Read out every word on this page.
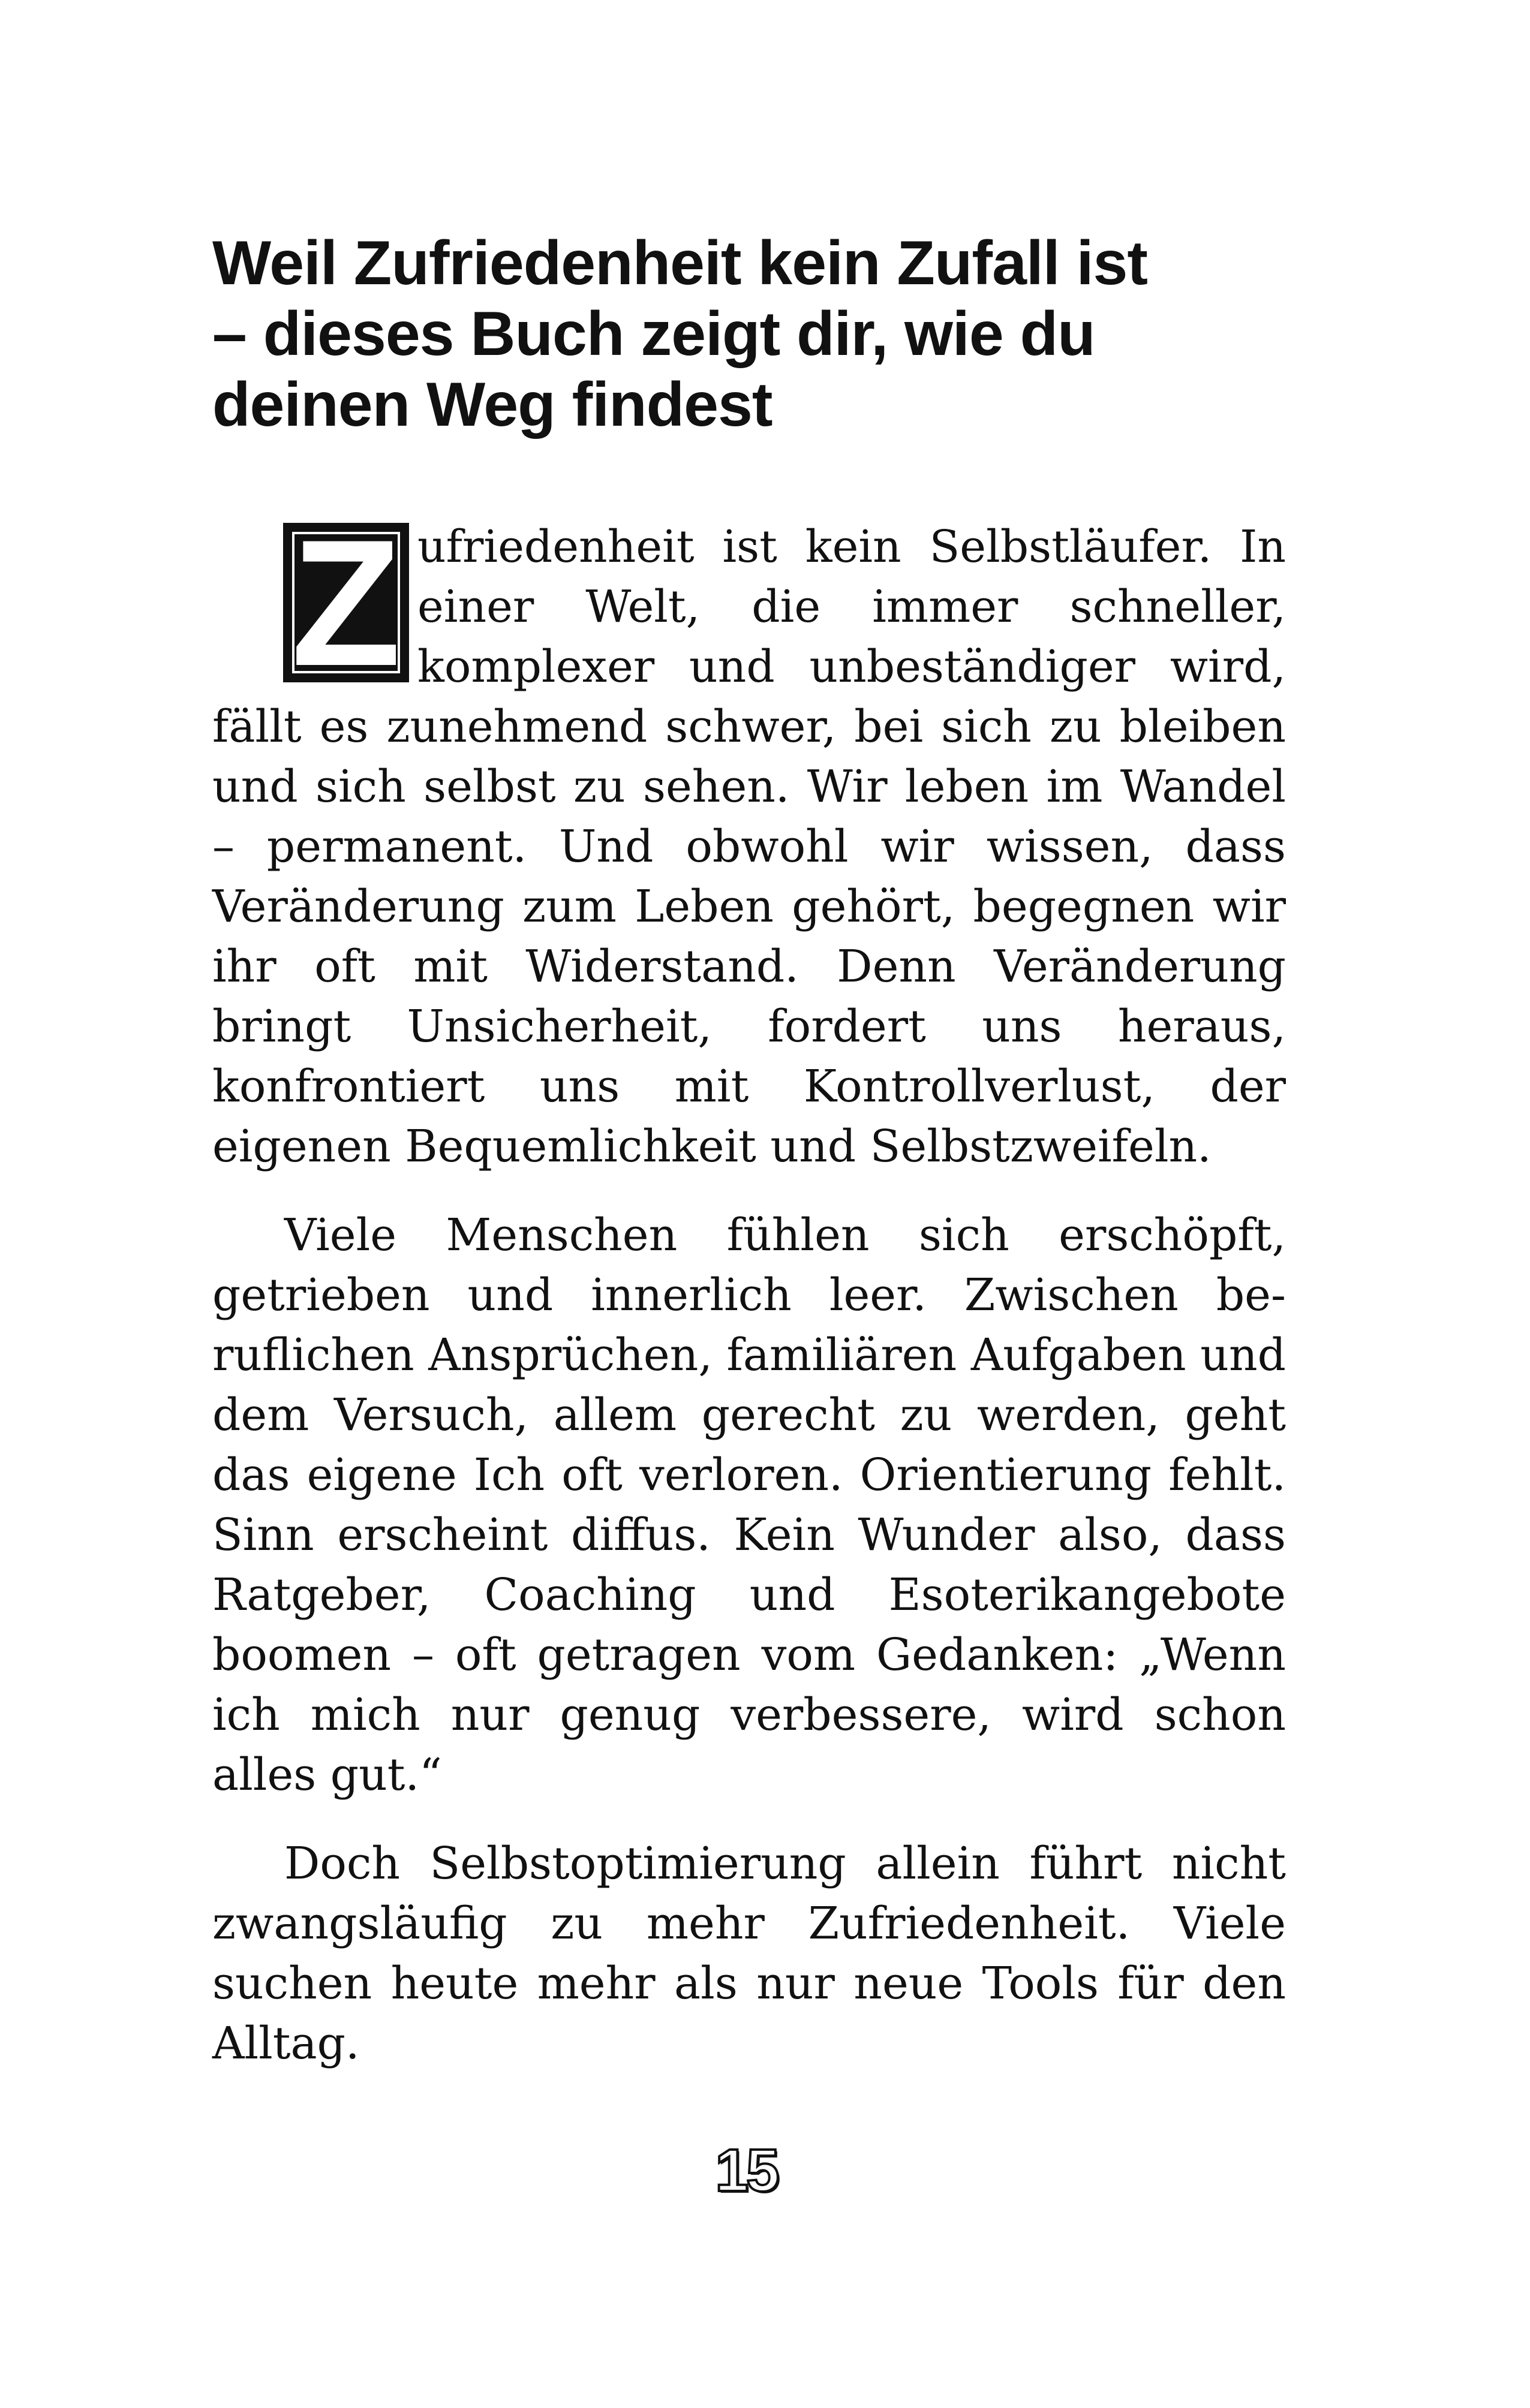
Weil Zufriedenheit kein Zufall ist
– dieses Buch zeigt dir, wie du
deinen Weg findest
Z ufriedenheit ist kein Selbstläufer. In einer Welt, die immer schneller, komplexer und unbeständiger wird, fällt es zunehmend schwer, bei sich zu bleiben und sich selbst zu sehen. Wir leben im Wandel – permanent. Und obwohl wir wissen, dass Veränderung zum Leben gehört, begegnen wir ihr oft mit Widerstand. Denn Veränderung bringt Unsicherheit, fordert uns heraus, konfrontiert uns mit Kontrollverlust, der eigenen Bequemlichkeit und Selbstzweifeln.

Viele Menschen fühlen sich erschöpft, getrieben und innerlich leer. Zwischen beruflichen Ansprüchen, familiären Aufgaben und dem Versuch, allem gerecht zu werden, geht das eigene Ich oft verloren. Orientierung fehlt. Sinn erscheint diffus. Kein Wunder also, dass Ratgeber, Coaching und Esoterikangebote boomen – oft getragen vom Gedanken: „Wenn ich mich nur genug verbessere, wird schon alles gut.“

Doch Selbstoptimierung allein führt nicht zwangsläufig zu mehr Zufriedenheit. Viele suchen heute mehr als nur neue Tools für den Alltag.

15
